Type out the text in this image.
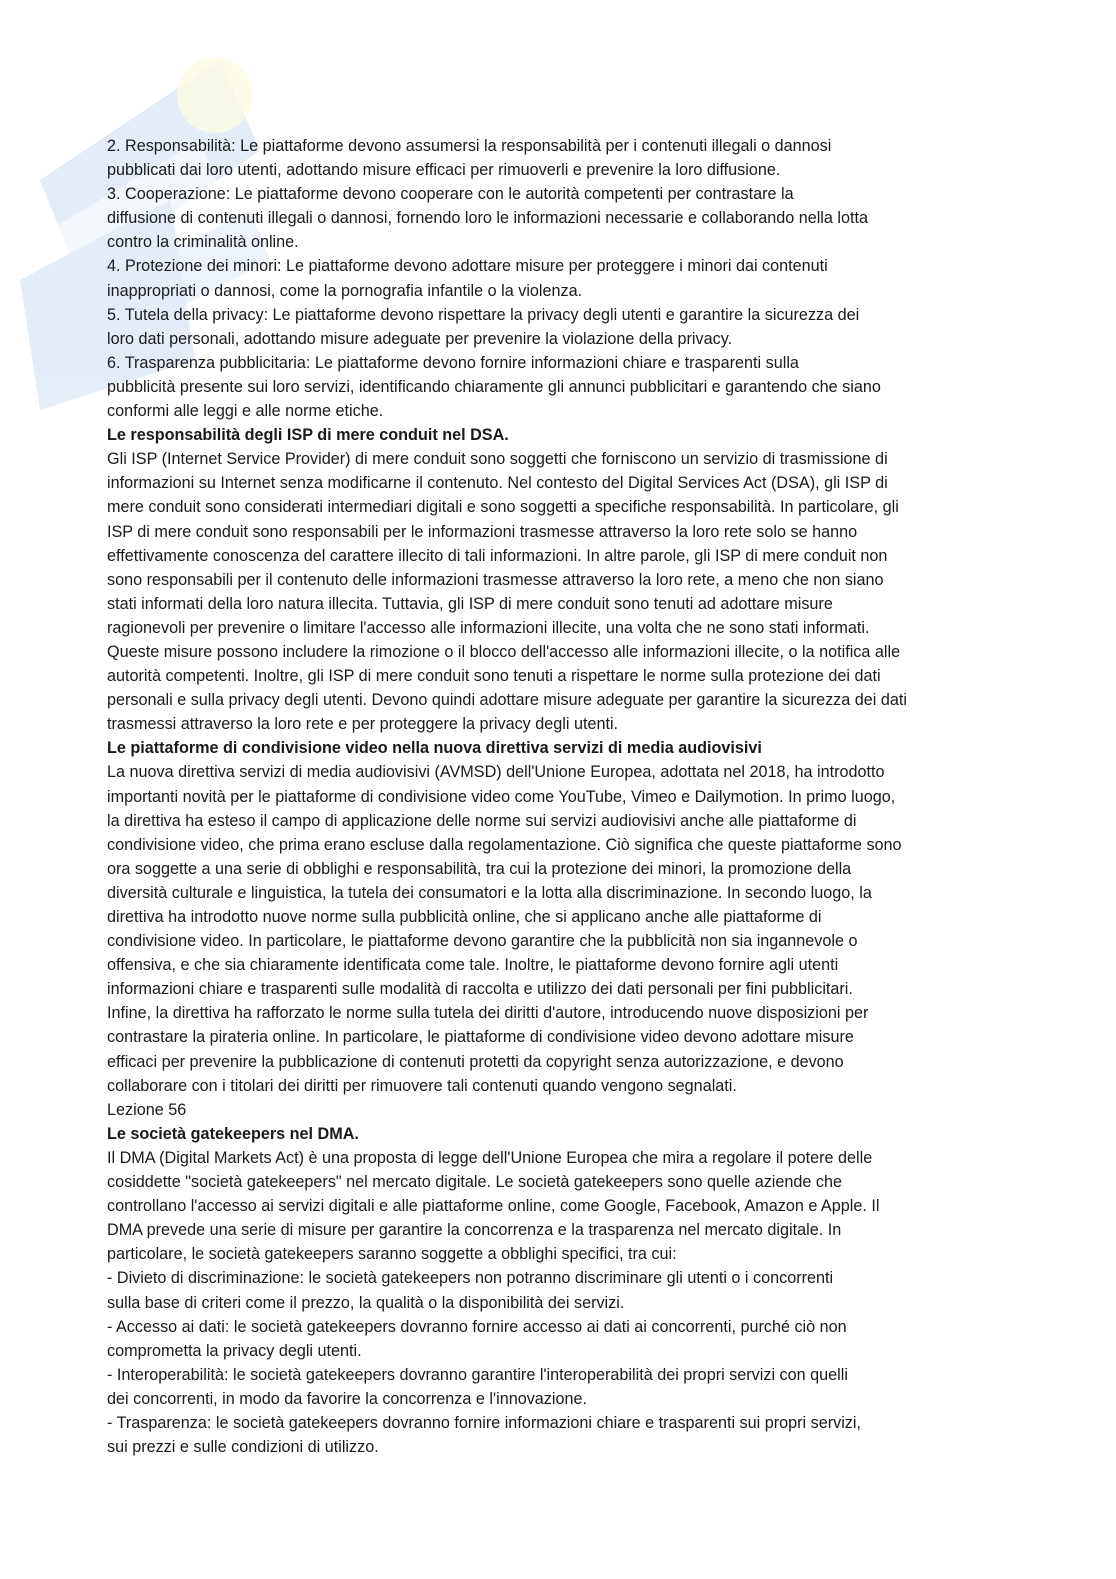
2. Responsabilità: Le piattaforme devono assumersi la responsabilità per i contenuti illegali o dannosi
pubblicati dai loro utenti, adottando misure efficaci per rimuoverli e prevenire la loro diffusione.
3. Cooperazione: Le piattaforme devono cooperare con le autorità competenti per contrastare la
diffusione di contenuti illegali o dannosi, fornendo loro le informazioni necessarie e collaborando nella lotta
contro la criminalità online.
4. Protezione dei minori: Le piattaforme devono adottare misure per proteggere i minori dai contenuti
inappropriati o dannosi, come la pornografia infantile o la violenza.
5. Tutela della privacy: Le piattaforme devono rispettare la privacy degli utenti e garantire la sicurezza dei
loro dati personali, adottando misure adeguate per prevenire la violazione della privacy.
6. Trasparenza pubblicitaria: Le piattaforme devono fornire informazioni chiare e trasparenti sulla
pubblicità presente sui loro servizi, identificando chiaramente gli annunci pubblicitari e garantendo che siano
conformi alle leggi e alle norme etiche.
Le responsabilità degli ISP di mere conduit nel DSA.
Gli ISP (Internet Service Provider) di mere conduit sono soggetti che forniscono un servizio di trasmissione di
informazioni su Internet senza modificarne il contenuto. Nel contesto del Digital Services Act (DSA), gli ISP di
mere conduit sono considerati intermediari digitali e sono soggetti a specifiche responsabilità. In particolare, gli
ISP di mere conduit sono responsabili per le informazioni trasmesse attraverso la loro rete solo se hanno
effettivamente conoscenza del carattere illecito di tali informazioni. In altre parole, gli ISP di mere conduit non
sono responsabili per il contenuto delle informazioni trasmesse attraverso la loro rete, a meno che non siano
stati informati della loro natura illecita. Tuttavia, gli ISP di mere conduit sono tenuti ad adottare misure
ragionevoli per prevenire o limitare l'accesso alle informazioni illecite, una volta che ne sono stati informati.
Queste misure possono includere la rimozione o il blocco dell'accesso alle informazioni illecite, o la notifica alle
autorità competenti. Inoltre, gli ISP di mere conduit sono tenuti a rispettare le norme sulla protezione dei dati
personali e sulla privacy degli utenti. Devono quindi adottare misure adeguate per garantire la sicurezza dei dati
trasmessi attraverso la loro rete e per proteggere la privacy degli utenti.
Le piattaforme di condivisione video nella nuova direttiva servizi di media audiovisivi
La nuova direttiva servizi di media audiovisivi (AVMSD) dell'Unione Europea, adottata nel 2018, ha introdotto
importanti novità per le piattaforme di condivisione video come YouTube, Vimeo e Dailymotion. In primo luogo,
la direttiva ha esteso il campo di applicazione delle norme sui servizi audiovisivi anche alle piattaforme di
condivisione video, che prima erano escluse dalla regolamentazione. Ciò significa che queste piattaforme sono
ora soggette a una serie di obblighi e responsabilità, tra cui la protezione dei minori, la promozione della
diversità culturale e linguistica, la tutela dei consumatori e la lotta alla discriminazione. In secondo luogo, la
direttiva ha introdotto nuove norme sulla pubblicità online, che si applicano anche alle piattaforme di
condivisione video. In particolare, le piattaforme devono garantire che la pubblicità non sia ingannevole o
offensiva, e che sia chiaramente identificata come tale. Inoltre, le piattaforme devono fornire agli utenti
informazioni chiare e trasparenti sulle modalità di raccolta e utilizzo dei dati personali per fini pubblicitari.
Infine, la direttiva ha rafforzato le norme sulla tutela dei diritti d'autore, introducendo nuove disposizioni per
contrastare la pirateria online. In particolare, le piattaforme di condivisione video devono adottare misure
efficaci per prevenire la pubblicazione di contenuti protetti da copyright senza autorizzazione, e devono
collaborare con i titolari dei diritti per rimuovere tali contenuti quando vengono segnalati.
Lezione 56
Le società gatekeepers nel DMA.
Il DMA (Digital Markets Act) è una proposta di legge dell'Unione Europea che mira a regolare il potere delle
cosiddette "società gatekeepers" nel mercato digitale. Le società gatekeepers sono quelle aziende che
controllano l'accesso ai servizi digitali e alle piattaforme online, come Google, Facebook, Amazon e Apple. Il
DMA prevede una serie di misure per garantire la concorrenza e la trasparenza nel mercato digitale. In
particolare, le società gatekeepers saranno soggette a obblighi specifici, tra cui:
- Divieto di discriminazione: le società gatekeepers non potranno discriminare gli utenti o i concorrenti
sulla base di criteri come il prezzo, la qualità o la disponibilità dei servizi.
- Accesso ai dati: le società gatekeepers dovranno fornire accesso ai dati ai concorrenti, purché ciò non
comprometta la privacy degli utenti.
- Interoperabilità: le società gatekeepers dovranno garantire l'interoperabilità dei propri servizi con quelli
dei concorrenti, in modo da favorire la concorrenza e l'innovazione.
- Trasparenza: le società gatekeepers dovranno fornire informazioni chiare e trasparenti sui propri servizi,
sui prezzi e sulle condizioni di utilizzo.
